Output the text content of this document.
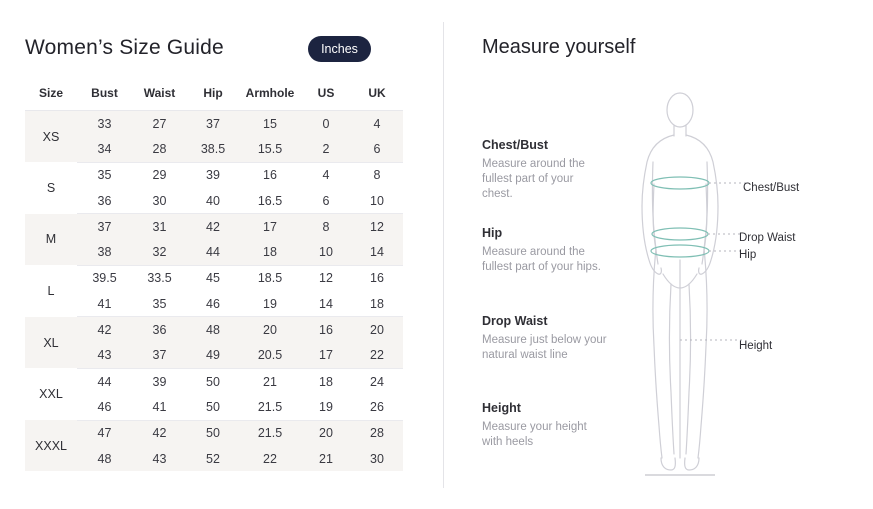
Women’s Size Guide	Inches
Size	Bust	Waist	Hip	Armhole	US	UK
XS	33	27	37	15	0	4
	34	28	38.5	15.5	2	6
S	35	29	39	16	4	8
	36	30	40	16.5	6	10
M	37	31	42	17	8	12
	38	32	44	18	10	14
L	39.5	33.5	45	18.5	12	16
	41	35	46	19	14	18
XL	42	36	48	20	16	20
	43	37	49	20.5	17	22
XXL	44	39	50	21	18	24
	46	41	50	21.5	19	26
XXXL	47	42	50	21.5	20	28
	48	43	52	22	21	30
Measure yourself
Chest/Bust
Measure around the fullest part of your chest.
Hip
Measure around the fullest part of your hips.
Drop Waist
Measure just below your natural waist line
Height
Measure your height with heels
Chest/Bust
Drop Waist
Hip
Height
